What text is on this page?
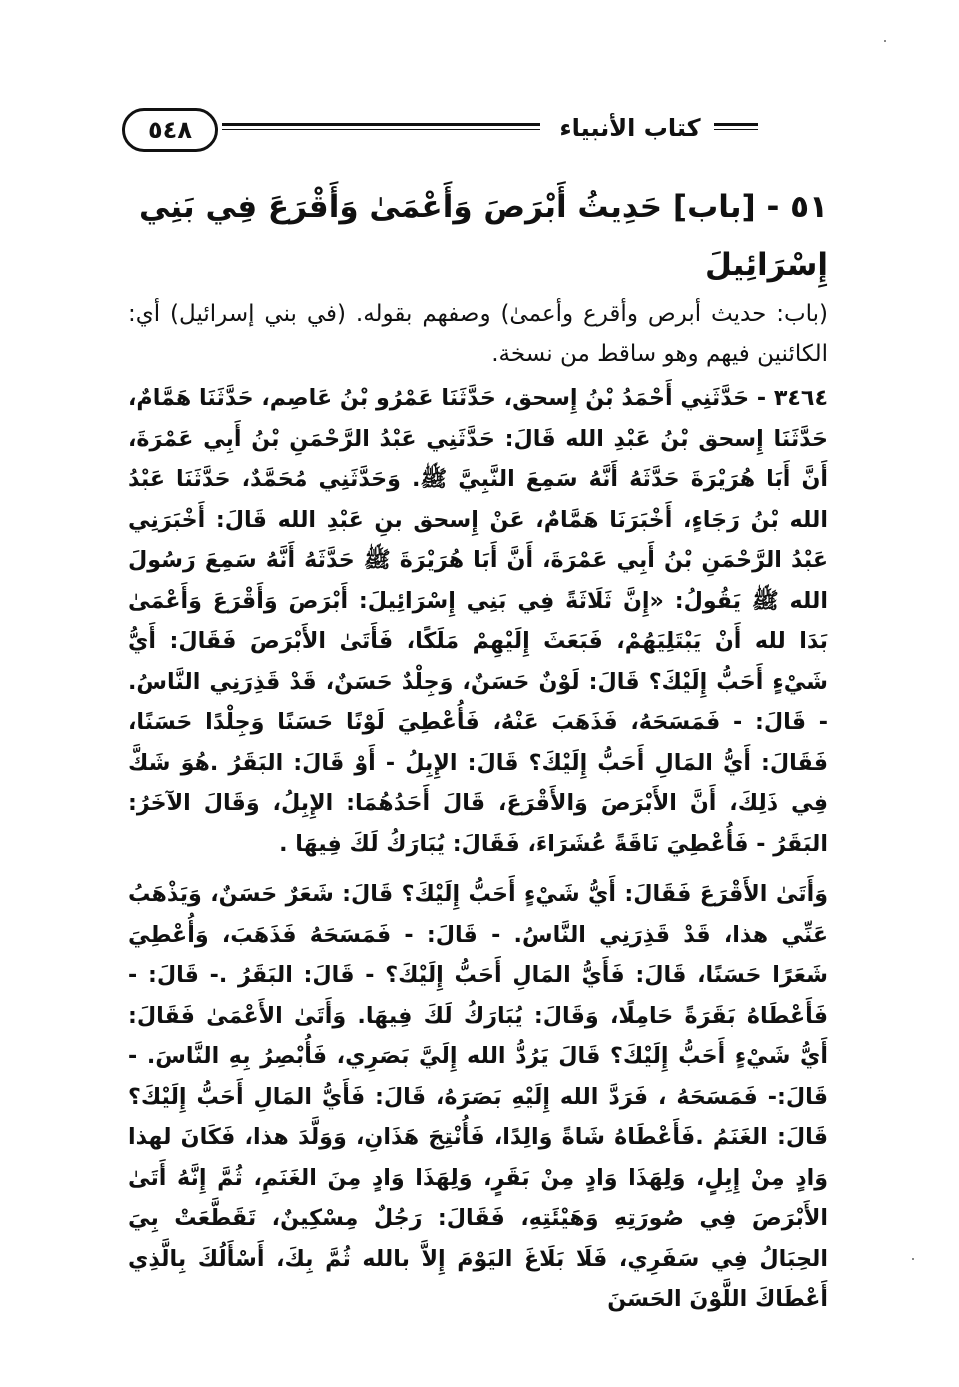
٥٤٨	كتاب الأنبياء
٥١ - [باب] حَدِيثُ أَبْرَصَ وَأَعْمَىٰ وَأَقْرَعَ فِي بَنِي إِسْرَائِيلَ

(باب: حديث أبرص وأقرع وأعمىٰ) وصفهم بقوله. (في بني إسرائيل) أي: الكائنين فيهم وهو ساقط من نسخة.

٣٤٦٤ - حَدَّثَنِي أَحْمَدُ بْنُ إِسحق، حَدَّثَنَا عَمْرُو بْنُ عَاصِم، حَدَّثَنَا هَمَّامٌ، حَدَّثَنَا إِسحق بْنُ عَبْدِ الله قَالَ: حَدَّثَنِي عَبْدُ الرَّحْمَنِ بْنُ أَبِي عَمْرَةَ، أَنَّ أَبَا هُرَيْرَةَ حَدَّثَهُ أَنَّهُ سَمِعَ النَّبِيَّ ﷺ. وَحَدَّثَنِي مُحَمَّدٌ، حَدَّثَنَا عَبْدُ الله بْنُ رَجَاءٍ، أَخْبَرَنَا هَمَّامٌ، عَنْ إِسحق بنِ عَبْدِ الله قَالَ: أَخْبَرَنِي عَبْدُ الرَّحْمَنِ بْنُ أَبِي عَمْرَةَ، أَنَّ أَبَا هُرَيْرَةَ ﷺ حَدَّثَهُ أَنَّهُ سَمِعَ رَسُولَ الله ﷺ يَقُولُ: «إِنَّ ثَلَاثَةً فِي بَنِي إِسْرَائِيلَ: أَبْرَصَ وَأَقْرَعَ وَأَعْمَىٰ بَدَا لله أَنْ يَبْتَلِيَهُمْ، فَبَعَثَ إِلَيْهِمْ مَلَكًا، فَأَتَىٰ الأَبْرَصَ فَقَالَ: أَيُّ شَيْءٍ أَحَبُّ إِلَيْكَ؟ قَالَ: لَوْنٌ حَسَنٌ، وَجِلْدٌ حَسَنٌ، قَدْ قَذِرَنِي النَّاسُ. - قَالَ: - فَمَسَحَهُ، فَذَهَبَ عَنْهُ، فَأُعْطِيَ لَوْنًا حَسَنًا وَجِلْدًا حَسَنًا، فَقَالَ: أَيُّ المَالِ أَحَبُّ إِلَيْكَ؟ قَالَ: الإِبِلُ - أَوْ قَالَ: البَقَرُ .هُوَ شَكَّ فِي ذَلِكَ، أَنَّ الأَبْرَصَ وَالأَقْرَعَ، قَالَ أَحَدُهُمَا: الإِبِلُ، وَقَالَ الآخَرُ: البَقَرُ - فَأُعْطِيَ نَاقَةً عُشَرَاءَ، فَقَالَ: يُبَارَكُ لَكَ فِيهَا .

وَأَتَىٰ الأَقْرَعَ فَقَالَ: أَيُّ شَيْءٍ أَحَبُّ إِلَيْكَ؟ قَالَ: شَعَرٌ حَسَنٌ، وَيَذْهَبُ عَنِّي هذا، قَدْ قَذِرَنِي النَّاسُ. - قَالَ: - فَمَسَحَهُ فَذَهَبَ، وَأُعْطِيَ شَعَرًا حَسَنًا، قَالَ: فَأَيُّ المَالِ أَحَبُّ إِلَيْكَ؟ - قَالَ: البَقَرُ .- قَالَ: - فَأَعْطَاهُ بَقَرَةً حَامِلًا، وَقَالَ: يُبَارَكُ لَكَ فِيهَا. وَأَتَىٰ الأَعْمَىٰ فَقَالَ: أَيُّ شَيْءٍ أَحَبُّ إِلَيْكَ؟ قَالَ يَرُدُّ الله إِلَيَّ بَصَرِي، فَأُبْصِرُ بِهِ النَّاسَ. - قَالَ:- فَمَسَحَهُ ، فَرَدَّ الله إِلَيْهِ بَصَرَهُ، قَالَ: فَأَيُّ المَالِ أَحَبُّ إِلَيْكَ؟ قَالَ: الغَنَمُ .فَأَعْطَاهُ شَاةً وَالِدًا، فَأُنْتِجَ هَذَانِ، وَوَلَّدَ هذا، فَكَانَ لهذا وَادٍ مِنْ إِبِلٍ، وَلِهَذَا وَادٍ مِنْ بَقَرٍ، وَلِهَذَا وَادٍ مِنَ الغَنَمِ، ثُمَّ إِنَّهُ أَتَىٰ الأَبْرَصَ فِي صُورَتِهِ وَهَيْئَتِهِ، فَقَالَ: رَجُلٌ مِسْكِينٌ، تَقَطَّعَتْ بِيَ الحِبَالُ فِي سَفَرِي، فَلَا بَلَاغَ اليَوْمَ إِلاَّ بالله ثُمَّ بِكَ، أَسْأَلُكَ بِالَّذِي أَعْطَاكَ اللَّوْنَ الحَسَنَ
